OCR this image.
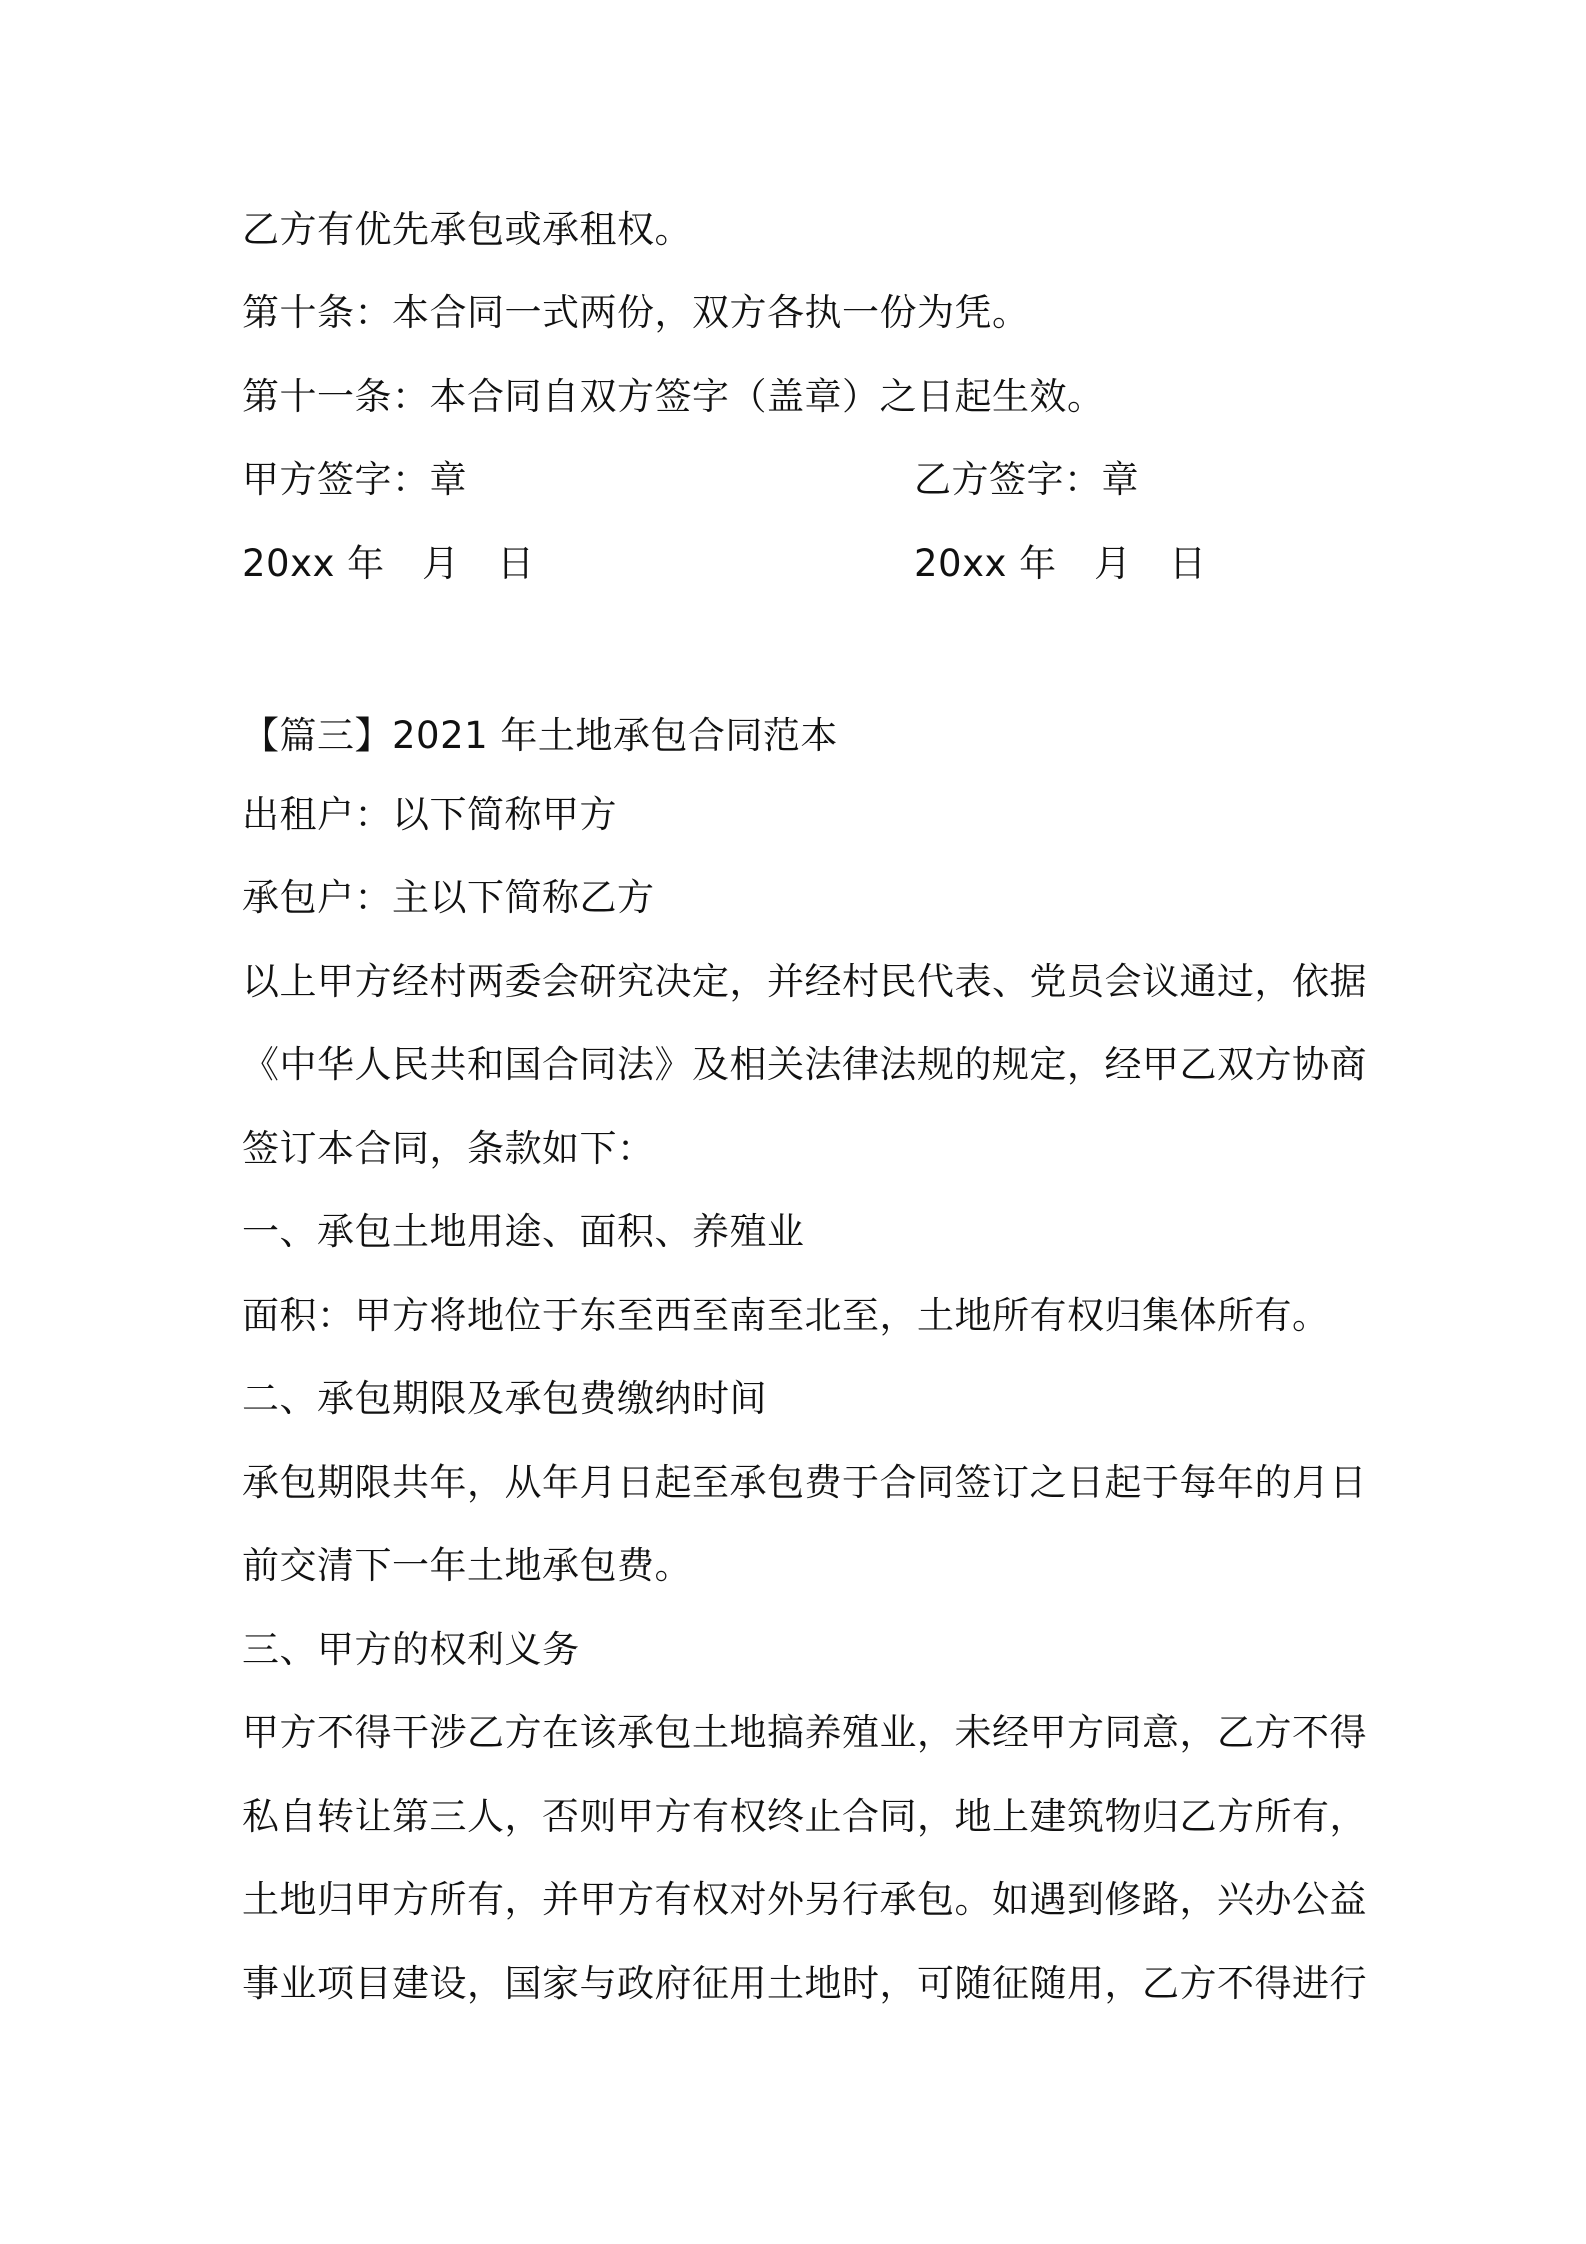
乙方有优先承包或承租权。
第十条：本合同一式两份，双方各执一份为凭。
第十一条：本合同自双方签字（盖章）之日起生效。
甲方签字：章	乙方签字：章
20xx 年　月　日	20xx 年　月　日
【篇三】2021 年土地承包合同范本
出租户：以下简称甲方
承包户：主以下简称乙方
以上甲方经村两委会研究决定，并经村民代表、党员会议通过，依据
《中华人民共和国合同法》及相关法律法规的规定，经甲乙双方协商
签订本合同，条款如下：
一、承包土地用途、面积、养殖业
面积：甲方将地位于东至西至南至北至，土地所有权归集体所有。
二、承包期限及承包费缴纳时间
承包期限共年，从年月日起至承包费于合同签订之日起于每年的月日
前交清下一年土地承包费。
三、甲方的权利义务
甲方不得干涉乙方在该承包土地搞养殖业，未经甲方同意，乙方不得
私自转让第三人，否则甲方有权终止合同，地上建筑物归乙方所有，
土地归甲方所有，并甲方有权对外另行承包。如遇到修路，兴办公益
事业项目建设，国家与政府征用土地时，可随征随用，乙方不得进行
